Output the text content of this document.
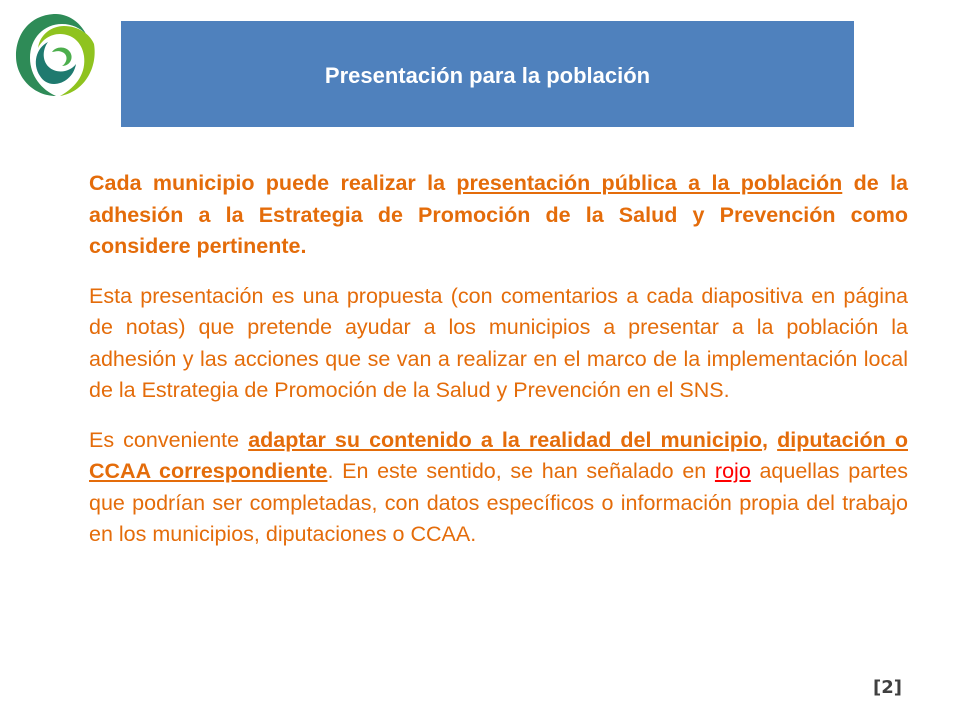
Presentación para la población

Cada municipio puede realizar la presentación pública a la población de la adhesión a la Estrategia de Promoción de la Salud y Prevención como considere pertinente.

Esta presentación es una propuesta (con comentarios a cada diapositiva en página de notas) que pretende ayudar a los municipios a presentar a la población la adhesión y las acciones que se van a realizar en el marco de la implementación local de la Estrategia de Promoción de la Salud y Prevención en el SNS.

Es conveniente adaptar su contenido a la realidad del municipio, diputación o CCAA correspondiente. En este sentido, se han señalado en rojo aquellas partes que podrían ser completadas, con datos específicos o información propia del trabajo en los municipios, diputaciones o CCAA.

[2]
